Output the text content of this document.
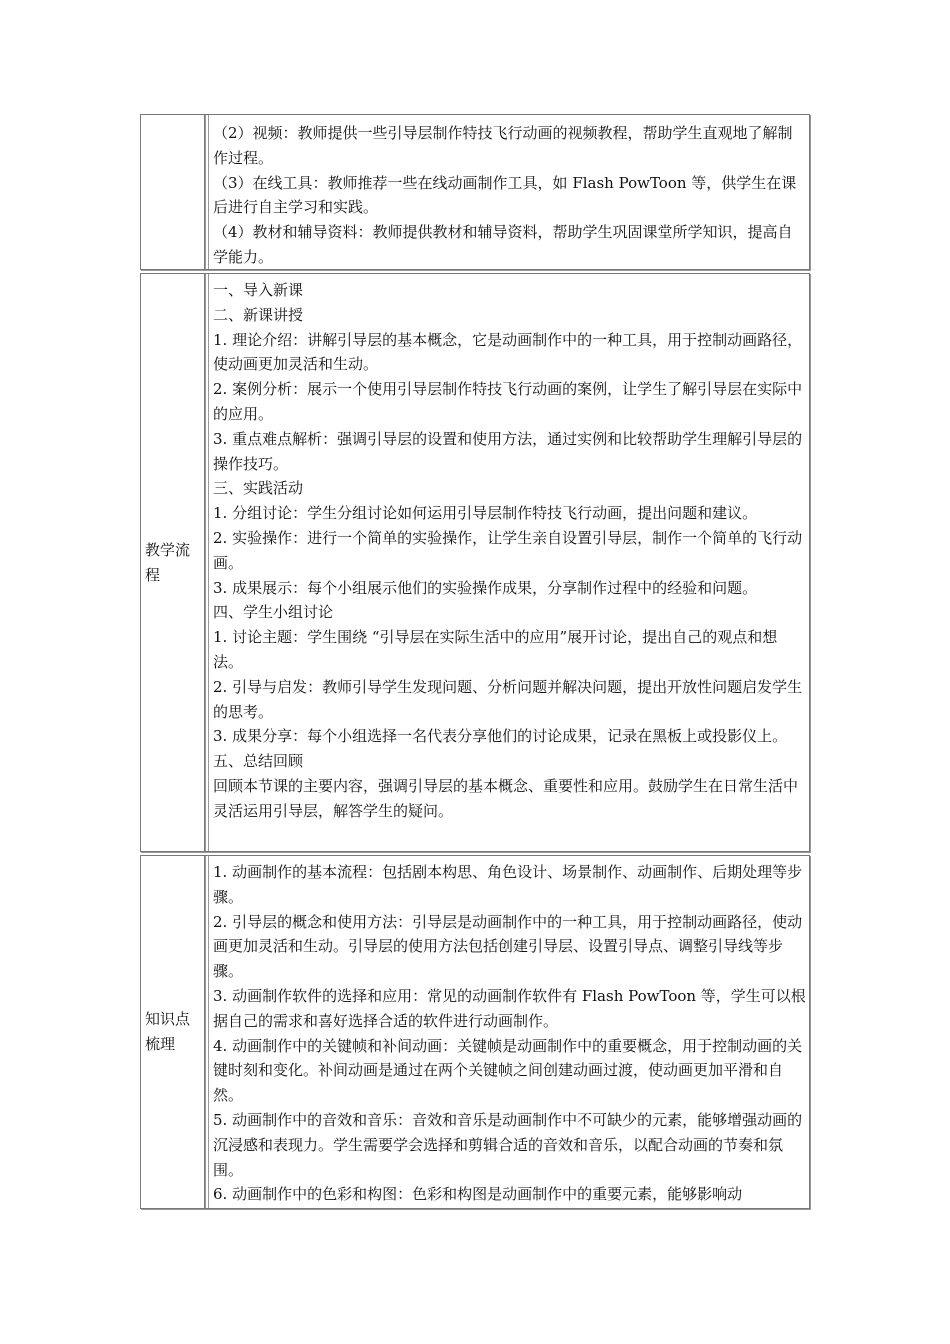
（2）视频：教师提供一些引导层制作特技飞行动画的视频教程，帮助学生直观地了解制作过程。
（3）在线工具：教师推荐一些在线动画制作工具，如 Flash PowToon 等，供学生在课后进行自主学习和实践。
（4）教材和辅导资料：教师提供教材和辅导资料，帮助学生巩固课堂所学知识，提高自学能力。
教学流程
一、导入新课
二、新课讲授
1. 理论介绍：讲解引导层的基本概念，它是动画制作中的一种工具，用于控制动画路径，使动画更加灵活和生动。
2. 案例分析：展示一个使用引导层制作特技飞行动画的案例，让学生了解引导层在实际中的应用。
3. 重点难点解析：强调引导层的设置和使用方法，通过实例和比较帮助学生理解引导层的操作技巧。
三、实践活动
1. 分组讨论：学生分组讨论如何运用引导层制作特技飞行动画，提出问题和建议。
2. 实验操作：进行一个简单的实验操作，让学生亲自设置引导层，制作一个简单的飞行动画。
3. 成果展示：每个小组展示他们的实验操作成果，分享制作过程中的经验和问题。
四、学生小组讨论
1. 讨论主题：学生围绕 “引导层在实际生活中的应用”展开讨论，提出自己的观点和想法。
2. 引导与启发：教师引导学生发现问题、分析问题并解决问题，提出开放性问题启发学生的思考。
3. 成果分享：每个小组选择一名代表分享他们的讨论成果，记录在黑板上或投影仪上。
五、总结回顾
回顾本节课的主要内容，强调引导层的基本概念、重要性和应用。鼓励学生在日常生活中灵活运用引导层，解答学生的疑问。
知识点梳理
1. 动画制作的基本流程：包括剧本构思、角色设计、场景制作、动画制作、后期处理等步骤。
2. 引导层的概念和使用方法：引导层是动画制作中的一种工具，用于控制动画路径，使动画更加灵活和生动。引导层的使用方法包括创建引导层、设置引导点、调整引导线等步骤。
3. 动画制作软件的选择和应用：常见的动画制作软件有 Flash PowToon 等，学生可以根据自己的需求和喜好选择合适的软件进行动画制作。
4. 动画制作中的关键帧和补间动画：关键帧是动画制作中的重要概念，用于控制动画的关键时刻和变化。补间动画是通过在两个关键帧之间创建动画过渡，使动画更加平滑和自然。
5. 动画制作中的音效和音乐：音效和音乐是动画制作中不可缺少的元素，能够增强动画的沉浸感和表现力。学生需要学会选择和剪辑合适的音效和音乐，以配合动画的节奏和氛围。
6. 动画制作中的色彩和构图：色彩和构图是动画制作中的重要元素，能够影响动
